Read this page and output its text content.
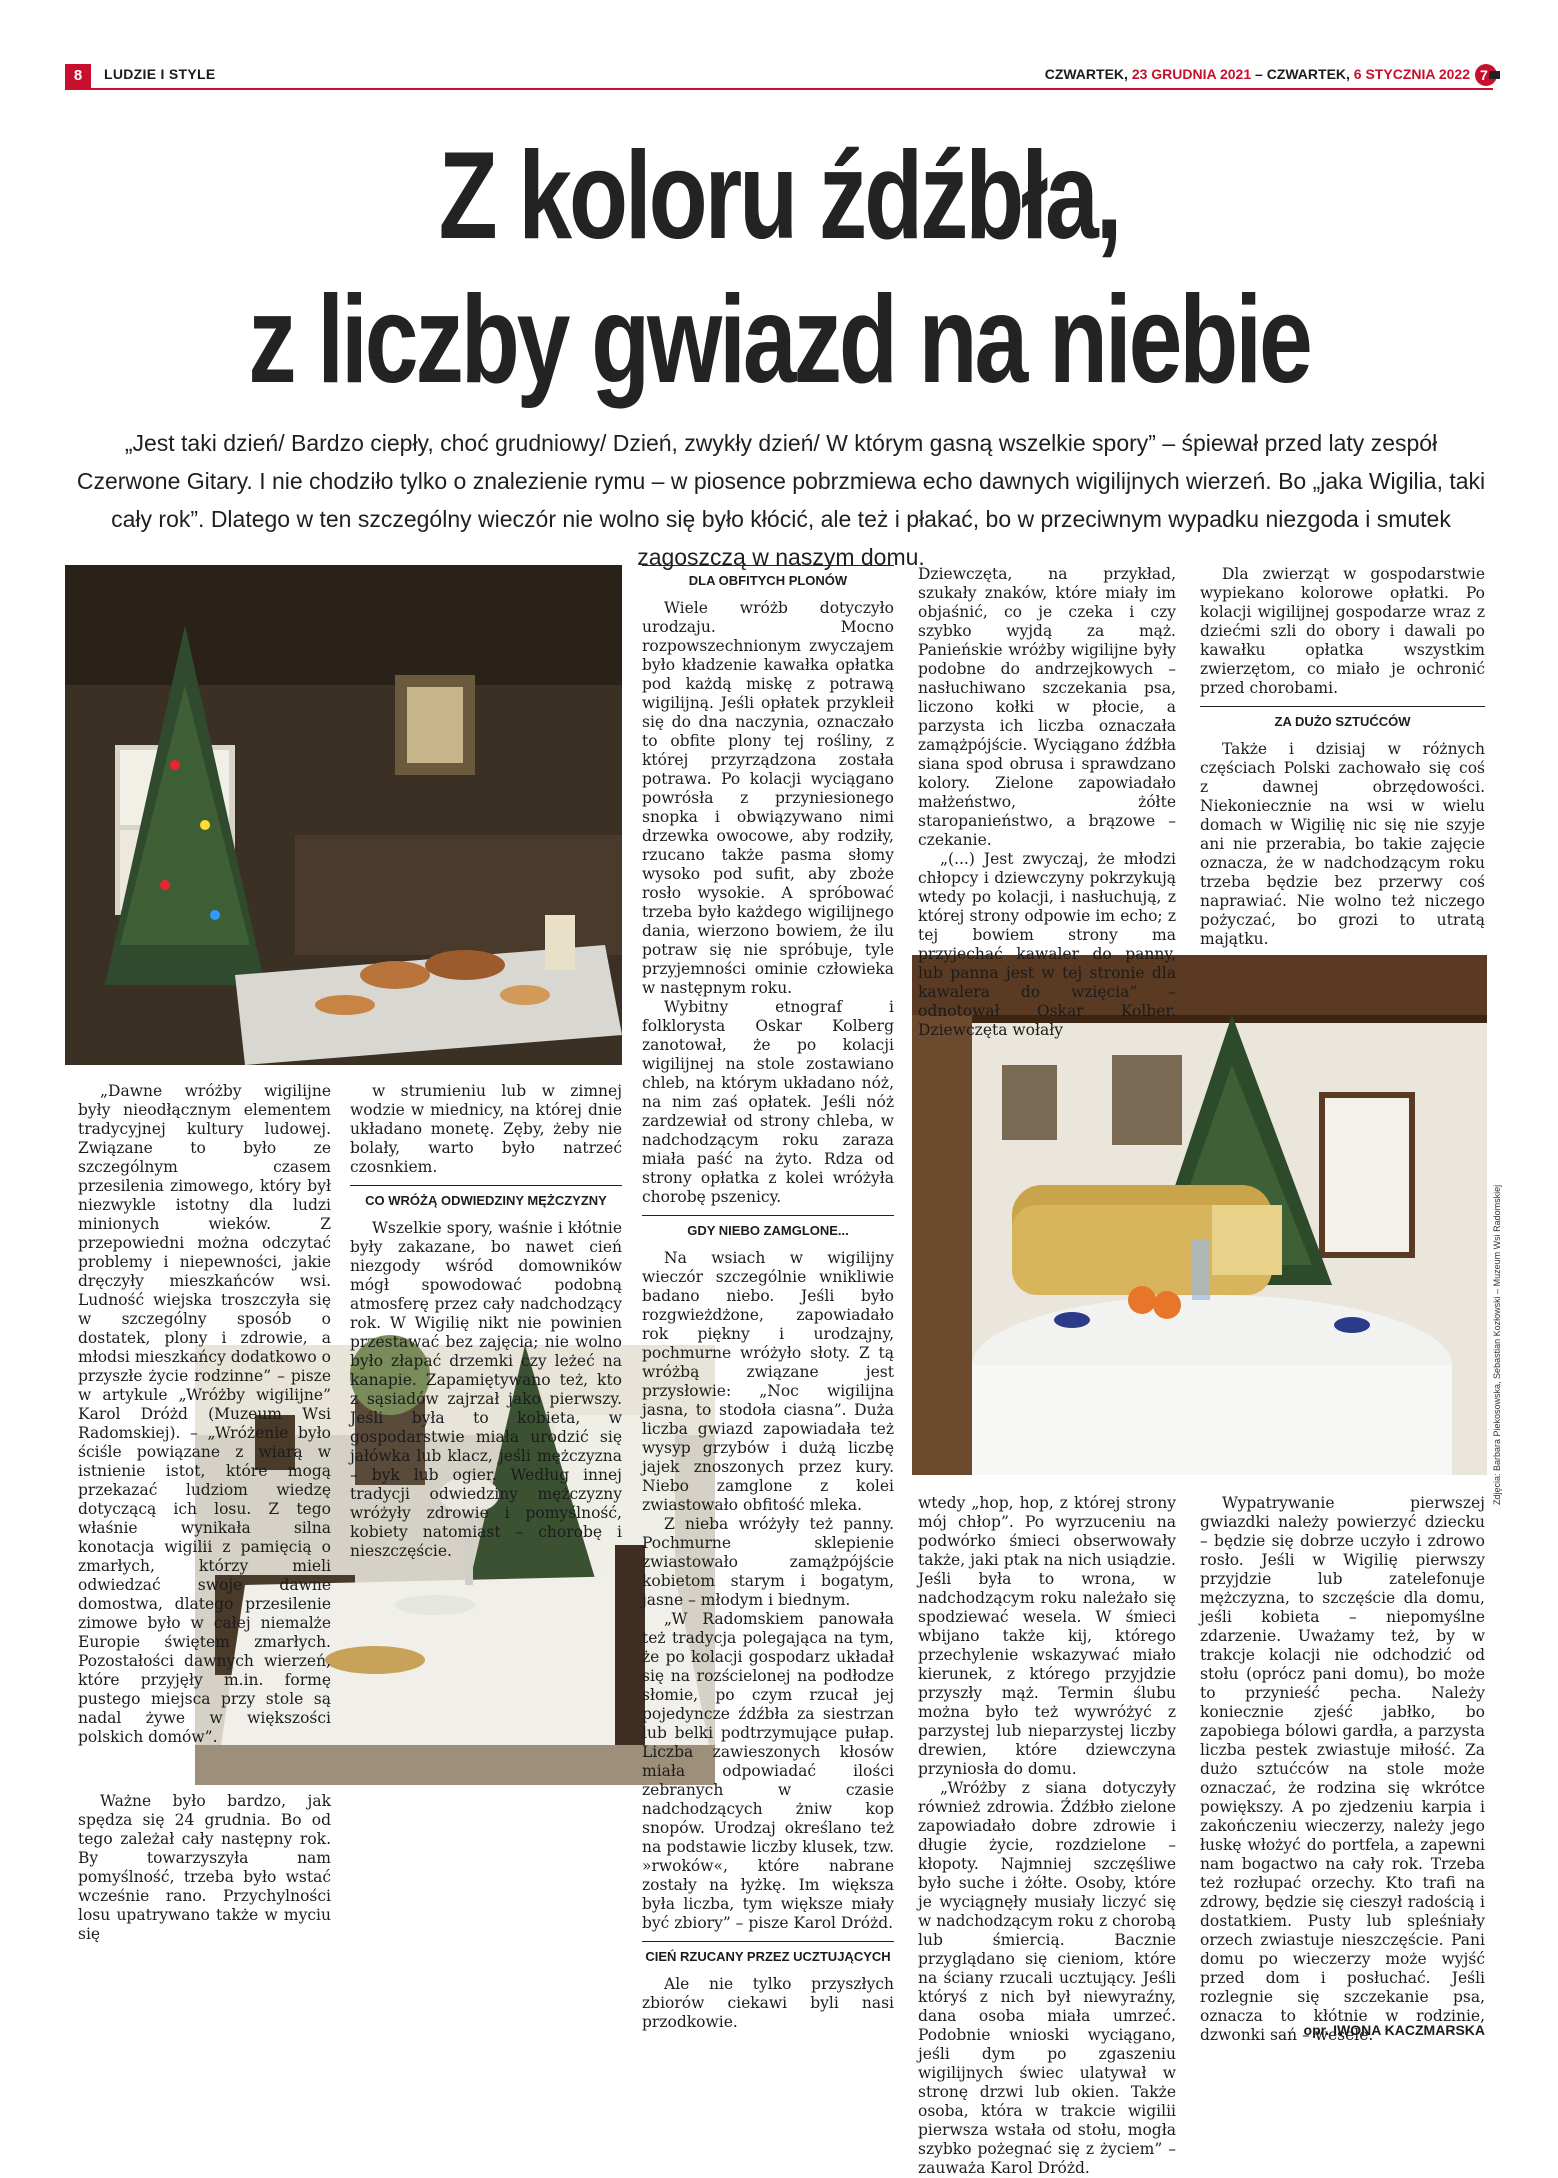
8	LUDZIE I STYLE	CZWARTEK, 23 GRUDNIA 2021 – CZWARTEK, 6 STYCZNIA 2022 7
Z koloru źdźbła,
z liczby gwiazd na niebie
„Jest taki dzień/ Bardzo ciepły, choć grudniowy/ Dzień, zwykły dzień/ W którym gasną wszelkie spory” – śpiewał przed laty zespół Czerwone Gitary. I nie chodziło tylko o znalezienie rymu – w piosence pobrzmiewa echo dawnych wigilijnych wierzeń. Bo „jaka Wigilia, taki cały rok”. Dlatego w ten szczególny wieczór nie wolno się było kłócić, ale też i płakać, bo w przeciwnym wypadku niezgoda i smutek zagoszczą w naszym domu.
Zdjęcia: Barbara Piekosowska, Sebastian Kozłowski – Muzeum Wsi Radomskiej

„Dawne wróżby wigilijne były nieodłącznym elementem tradycyjnej kultury ludowej. Związane to było ze szczególnym czasem przesilenia zimowego, który był niezwykle istotny dla ludzi minionych wieków. Z przepowiedni można odczytać problemy i niepewności, jakie dręczyły mieszkańców wsi. Ludność wiejska troszczyła się w szczególny sposób o dostatek, plony i zdrowie, a młodsi mieszkańcy dodatkowo o przyszłe życie rodzinne” – pisze w artykule „Wróżby wigilijne” Karol Dróżd (Muzeum Wsi Radomskiej). – „Wróżenie było ściśle powiązane z wiarą w istnienie istot, które mogą przekazać ludziom wiedzę dotyczącą ich losu. Z tego właśnie wynikała silna konotacja wigilii z pamięcią o zmarłych, którzy mieli odwiedzać swoje dawne domostwa, dlatego przesilenie zimowe było w całej niemalże Europie świętem zmarłych. Pozostałości dawnych wierzeń, które przyjęły m.in. formę pustego miejsca przy stole są nadal żywe w większości polskich domów”.

Ważne było bardzo, jak spędza się 24 grudnia. Bo od tego zależał cały następny rok. By towarzyszyła nam pomyślność, trzeba było wstać wcześnie rano. Przychylności losu upatrywano także w myciu się

w strumieniu lub w zimnej wodzie w miednicy, na której dnie układano monetę. Zęby, żeby nie bolały, warto było natrzeć czosnkiem.

CO WRÓŻĄ ODWIEDZINY MĘŻCZYZNY

Wszelkie spory, waśnie i kłótnie były zakazane, bo nawet cień niezgody wśród domowników mógł spowodować podobną atmosferę przez cały nadchodzący rok. W Wigilię nikt nie powinien przestawać bez zajęcia; nie wolno było złapać drzemki czy leżeć na kanapie. Zapamiętywano też, kto z sąsiadów zajrzał jako pierwszy. Jeśli była to kobieta, w gospodarstwie miała urodzić się jałówka lub klacz, jeśli mężczyzna – byk lub ogier. Według innej tradycji odwiedziny mężczyzny wróżyły zdrowie i pomyślność, kobiety natomiast – chorobę i nieszczęście.

DLA OBFITYCH PLONÓW

Wiele wróżb dotyczyło urodzaju. Mocno rozpowszechnionym zwyczajem było kładzenie kawałka opłatka pod każdą miskę z potrawą wigilijną. Jeśli opłatek przykleił się do dna naczynia, oznaczało to obfite plony tej rośliny, z której przyrządzona została potrawa. Po kolacji wyciągano powrósła z przyniesionego snopka i obwiązywano nimi drzewka owocowe, aby rodziły, rzucano także pasma słomy wysoko pod sufit, aby zboże rosło wysokie. A spróbować trzeba było każdego wigilijnego dania, wierzono bowiem, że ilu potraw się nie spróbuje, tyle przyjemności ominie człowieka w następnym roku.

Wybitny etnograf i folklorysta Oskar Kolberg zanotował, że po kolacji wigilijnej na stole zostawiano chleb, na którym układano nóż, na nim zaś opłatek. Jeśli nóż zardzewiał od strony chleba, w nadchodzącym roku zaraza miała paść na żyto. Rdza od strony opłatka z kolei wróżyła chorobę pszenicy.

GDY NIEBO ZAMGLONE...

Na wsiach w wigilijny wieczór szczególnie wnikliwie badano niebo. Jeśli było rozgwieżdżone, zapowiadało rok piękny i urodzajny, pochmurne wróżyło słoty. Z tą wróżbą związane jest przysłowie: „Noc wigilijna jasna, to stodoła ciasna”. Duża liczba gwiazd zapowiadała też wysyp grzybów i dużą liczbę jajek znoszonych przez kury. Niebo zamglone z kolei zwiastowało obfitość mleka.

Z nieba wróżyły też panny. Pochmurne sklepienie zwiastowało zamążpójście kobietom starym i bogatym, jasne – młodym i biednym.

„W Radomskiem panowała też tradycja polegająca na tym, że po kolacji gospodarz układał się na rozścielonej na podłodze słomie, po czym rzucał jej pojedyncze źdźbła za siestrzan lub belki podtrzymujące pułap. Liczba zawieszonych kłosów miała odpowiadać ilości zebranych w czasie nadchodzących żniw kop snopów. Urodzaj określano też na podstawie liczby klusek, tzw. »rwoków«, które nabrane zostały na łyżkę. Im większa była liczba, tym większe miały być zbiory” – pisze Karol Dróżd.

CIEŃ RZUCANY PRZEZ UCZTUJĄCYCH

Ale nie tylko przyszłych zbiorów ciekawi byli nasi przodkowie.

Dziewczęta, na przykład, szukały znaków, które miały im objaśnić, co je czeka i czy szybko wyjdą za mąż. Panieńskie wróżby wigilijne były podobne do andrzejkowych – nasłuchiwano szczekania psa, liczono kołki w płocie, a parzysta ich liczba oznaczała zamążpójście. Wyciągano źdźbła siana spod obrusa i sprawdzano kolory. Zielone zapowiadało małżeństwo, żółte staropanieństwo, a brązowe – czekanie.

„(...) Jest zwyczaj, że młodzi chłopcy i dziewczyny pokrzykują wtedy po kolacji, i nasłuchują, z której strony odpowie im echo; z tej bowiem strony ma przyjechać kawaler do panny, lub panna jest w tej stronie dla kawalera do wzięcia” – odnotował Oskar Kolber. Dziewczęta wołały

wtedy „hop, hop, z której strony mój chłop”. Po wyrzuceniu na podwórko śmieci obserwowały także, jaki ptak na nich usiądzie. Jeśli była to wrona, w nadchodzącym roku należało się spodziewać wesela. W śmieci wbijano także kij, którego przechylenie wskazywać miało kierunek, z którego przyjdzie przyszły mąż. Termin ślubu można było też wywróżyć z parzystej lub nieparzystej liczby drewien, które dziewczyna przyniosła do domu.

„Wróżby z siana dotyczyły również zdrowia. Źdźbło zielone zapowiadało dobre zdrowie i długie życie, rozdzielone – kłopoty. Najmniej szczęśliwe było suche i żółte. Osoby, które je wyciągnęły musiały liczyć się w nadchodzącym roku z chorobą lub śmiercią. Bacznie przyglądano się cieniom, które na ściany rzucali ucztujący. Jeśli któryś z nich był niewyraźny, dana osoba miała umrzeć. Podobnie wnioski wyciągano, jeśli dym po zgaszeniu wigilijnych świec ulatywał w stronę drzwi lub okien. Także osoba, która w trakcie wigilii pierwsza wstała od stołu, mogła szybko pożegnać się z życiem” – zauważa Karol Dróżd.

Dla zwierząt w gospodarstwie wypiekano kolorowe opłatki. Po kolacji wigilijnej gospodarze wraz z dziećmi szli do obory i dawali po kawałku opłatka wszystkim zwierzętom, co miało je ochronić przed chorobami.

ZA DUŻO SZTUĆCÓW

Także i dzisiaj w różnych częściach Polski zachowało się coś z dawnej obrzędowości. Niekoniecznie na wsi w wielu domach w Wigilię nic się nie szyje ani nie przerabia, bo takie zajęcie oznacza, że w nadchodzącym roku trzeba będzie bez przerwy coś naprawiać. Nie wolno też niczego pożyczać, bo grozi to utratą majątku.

Wypatrywanie pierwszej gwiazdki należy powierzyć dziecku – będzie się dobrze uczyło i zdrowo rosło. Jeśli w Wigilię pierwszy przyjdzie lub zatelefonuje mężczyzna, to szczęście dla domu, jeśli kobieta – niepomyślne zdarzenie. Uważamy też, by w trakcje kolacji nie odchodzić od stołu (oprócz pani domu), bo może to przynieść pecha. Należy koniecznie zjeść jabłko, bo zapobiega bólowi gardła, a parzysta liczba pestek zwiastuje miłość. Za dużo sztućców na stole może oznaczać, że rodzina się wkrótce powiększy. A po zjedzeniu karpia i zakończeniu wieczerzy, należy jego łuskę włożyć do portfela, a zapewni nam bogactwo na cały rok. Trzeba też rozłupać orzechy. Kto trafi na zdrowy, będzie się cieszył radością i dostatkiem. Pusty lub spleśniały orzech zwiastuje nieszczęście. Pani domu po wieczerzy może wyjść przed dom i posłuchać. Jeśli rozlegnie się szczekanie psa, oznacza to kłótnie w rodzinie, dzwonki sań – wesele.

opr. IWONA KACZMARSKA
